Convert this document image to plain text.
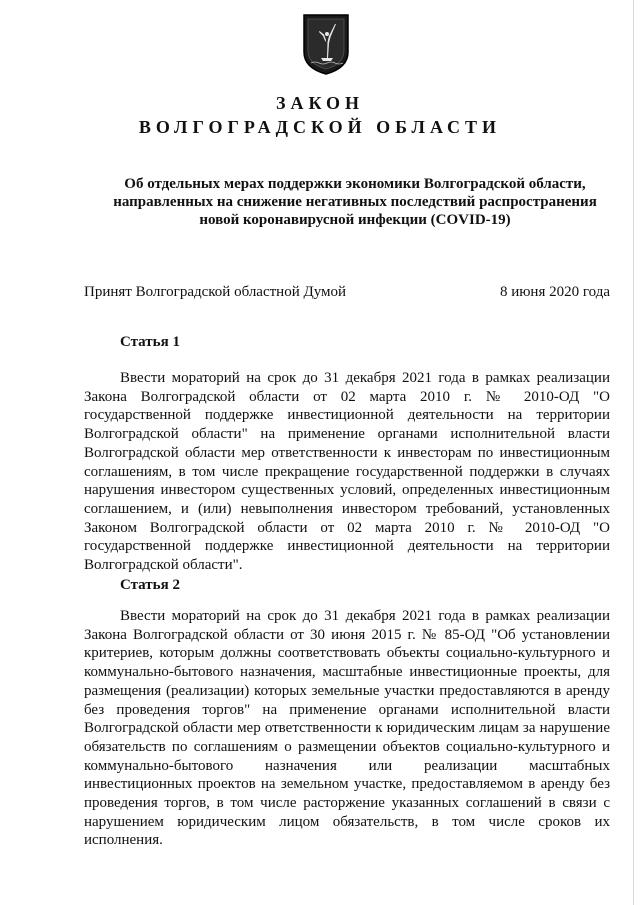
ЗАКОН
ВОЛГОГРАДСКОЙ ОБЛАСТИ
Об отдельных мерах поддержки экономики Волгоградской области, направленных на снижение негативных последствий распространения новой коронавирусной инфекции (COVID-19)
Принят Волгоградской областной Думой	8 июня 2020 года
Статья 1

Ввести мораторий на срок до 31 декабря 2021 года в рамках реализации Закона Волгоградской области от 02 марта 2010 г. № 2010-ОД "О государственной поддержке инвестиционной деятельности на территории Волгоградской области" на применение органами исполнительной власти Волгоградской области мер ответственности к инвесторам по инвестиционным соглашениям, в том числе прекращение государственной поддержки в случаях нарушения инвестором существенных условий, определенных инвестиционным соглашением, и (или) невыполнения инвестором требований, установленных Законом Волгоградской области от 02 марта 2010 г. № 2010-ОД "О государственной поддержке инвестиционной деятельности на территории Волгоградской области".

Статья 2

Ввести мораторий на срок до 31 декабря 2021 года в рамках реализации Закона Волгоградской области от 30 июня 2015 г. № 85-ОД "Об установлении критериев, которым должны соответствовать объекты социально-культурного и коммунально-бытового назначения, масштабные инвестиционные проекты, для размещения (реализации) которых земельные участки предоставляются в аренду без проведения торгов" на применение органами исполнительной власти Волгоградской области мер ответственности к юридическим лицам за нарушение обязательств по соглашениям о размещении объектов социально-культурного и коммунально-бытового назначения или реализации масштабных инвестиционных проектов на земельном участке, предоставляемом в аренду без проведения торгов, в том числе расторжение указанных соглашений в связи с нарушением юридическим лицом обязательств, в том числе сроков их исполнения.
